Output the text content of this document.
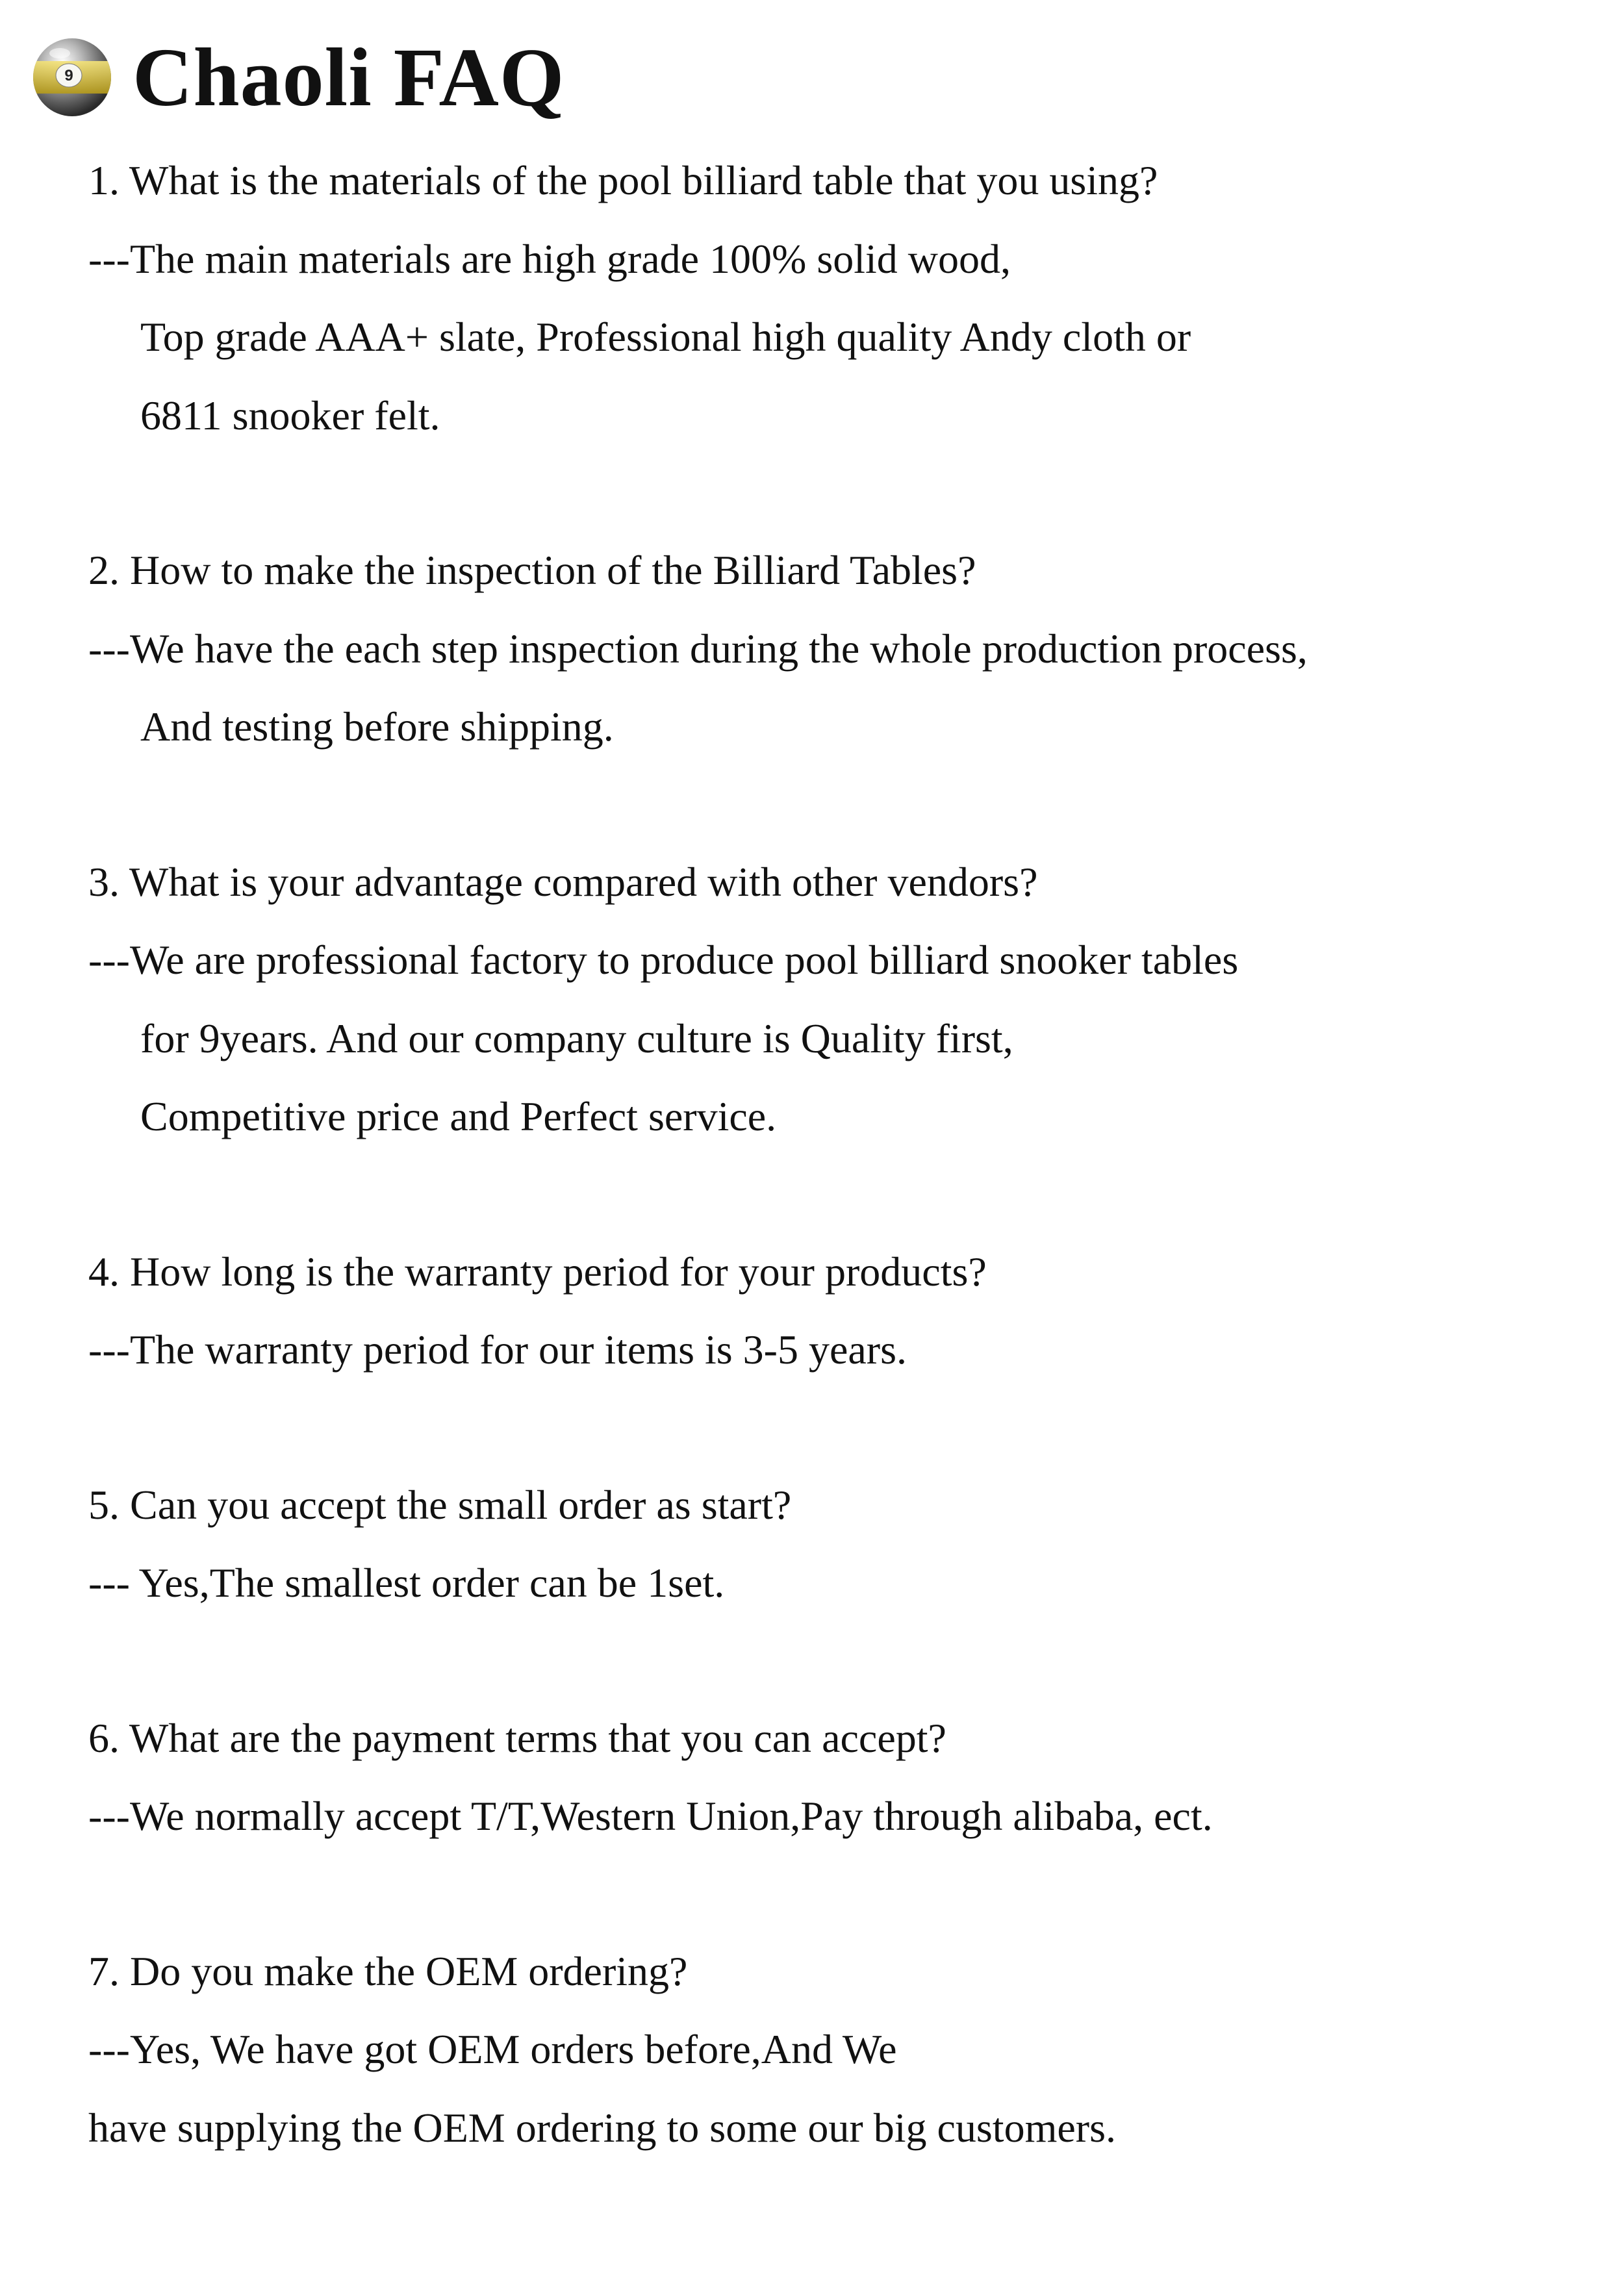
9 Chaoli FAQ
1. What is the materials of the pool billiard table that you using?
---The main materials are high grade 100% solid wood,
Top grade AAA+ slate, Professional high quality Andy cloth or
6811 snooker felt.
2. How to make the inspection of the Billiard Tables?
---We have the each step inspection during the whole production process,
And testing before shipping.
3. What is your advantage compared with other vendors?
---We are professional factory to produce pool billiard snooker tables
for 9years. And our company culture is Quality first,
Competitive price and Perfect service.
4. How long is the warranty period for your products?
---The warranty period for our items is 3-5 years.
5. Can you accept the small order as start?
--- Yes,The smallest order can be 1set.
6. What are the payment terms that you can accept?
---We normally accept T/T,Western Union,Pay through alibaba, ect.
7. Do you make the OEM ordering?
---Yes, We have got OEM orders before,And We
have supplying the OEM ordering to some our big customers.
